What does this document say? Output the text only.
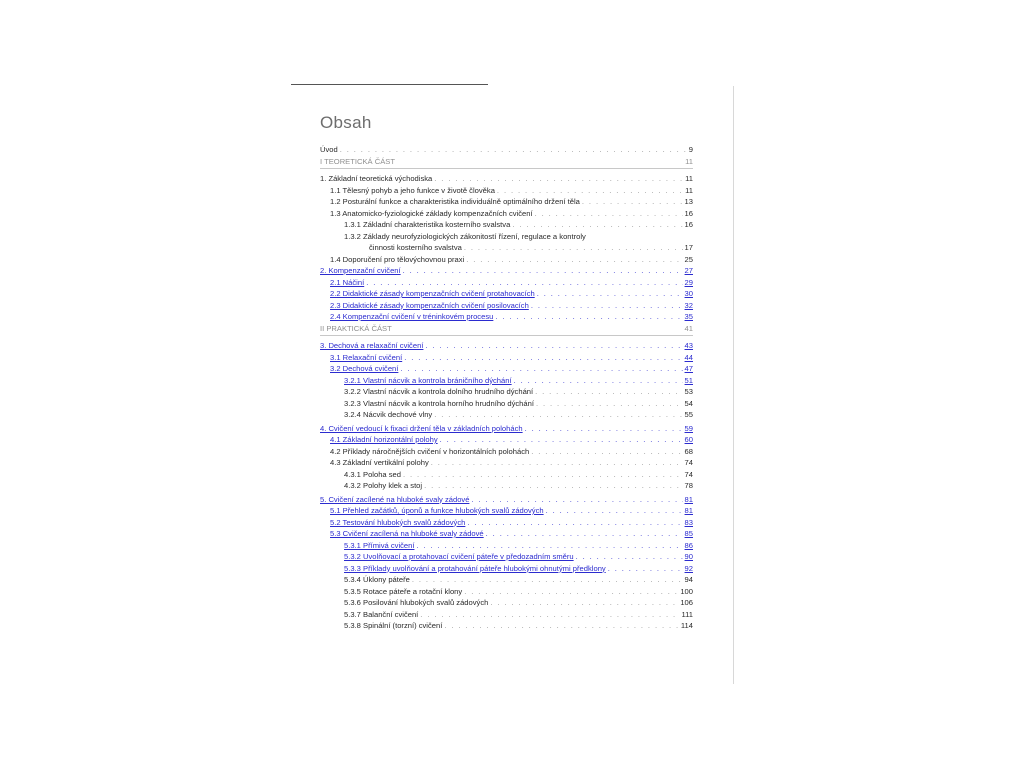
Obsah
Úvod . . .	9
I TEORETICKÁ ČÁST	11
1. Základní teoretická východiska . . .	11
1.1 Tělesný pohyb a jeho funkce v životě člověka . . .	11
1.2 Posturální funkce a charakteristika individuálně optimálního držení těla . . .	13
1.3 Anatomicko-fyziologické základy kompenzačních cvičení . . .	16
1.3.1 Základní charakteristika kosterního svalstva . . .	16
1.3.2 Základy neurofyziologických zákonitostí řízení, regulace a kontroly
činnosti kosterního svalstva . . .	17
1.4 Doporučení pro tělovýchovnou praxi . . .	25
2. Kompenzační cvičení . . .	27
2.1 Náčiní . . .	29
2.2 Didaktické zásady kompenzačních cvičení protahovacích . . .	30
2.3 Didaktické zásady kompenzačních cvičení posilovacích . . .	32
2.4 Kompenzační cvičení v tréninkovém procesu . . .	35
II PRAKTICKÁ ČÁST	41
3. Dechová a relaxační cvičení . . .	43
3.1 Relaxační cvičení . . .	44
3.2 Dechová cvičení . . .	47
3.2.1 Vlastní nácvik a kontrola bráničního dýchání . . .	51
3.2.2 Vlastní nácvik a kontrola dolního hrudního dýchání . . .	53
3.2.3 Vlastní nácvik a kontrola horního hrudního dýchání . . .	54
3.2.4 Nácvik dechové vlny . . .	55
4. Cvičení vedoucí k fixaci držení těla v základních polohách . . .	59
4.1 Základní horizontální polohy . . .	60
4.2 Příklady náročnějších cvičení v horizontálních polohách . . .	68
4.3 Základní vertikální polohy . . .	74
4.3.1 Poloha sed . . .	74
4.3.2 Polohy klek a stoj . . .	78
5. Cvičení zacílené na hluboké svaly zádové . . .	81
5.1 Přehled začátků, úponů a funkce hlubokých svalů zádových . . .	81
5.2 Testování hlubokých svalů zádových . . .	83
5.3 Cvičení zacílená na hluboké svaly zádové . . .	85
5.3.1 Přímivá cvičení . . .	86
5.3.2 Uvolňovací a protahovací cvičení páteře v předozadním směru . . .	90
5.3.3 Příklady uvolňování a protahování páteře hlubokými ohnutými předklony . . .	92
5.3.4 Úklony páteře . . .	94
5.3.5 Rotace páteře a rotační klony . . .	100
5.3.6 Posilování hlubokých svalů zádových . . .	106
5.3.7 Balanční cvičení . . .	111
5.3.8 Spinální (torzní) cvičení . . .	114
